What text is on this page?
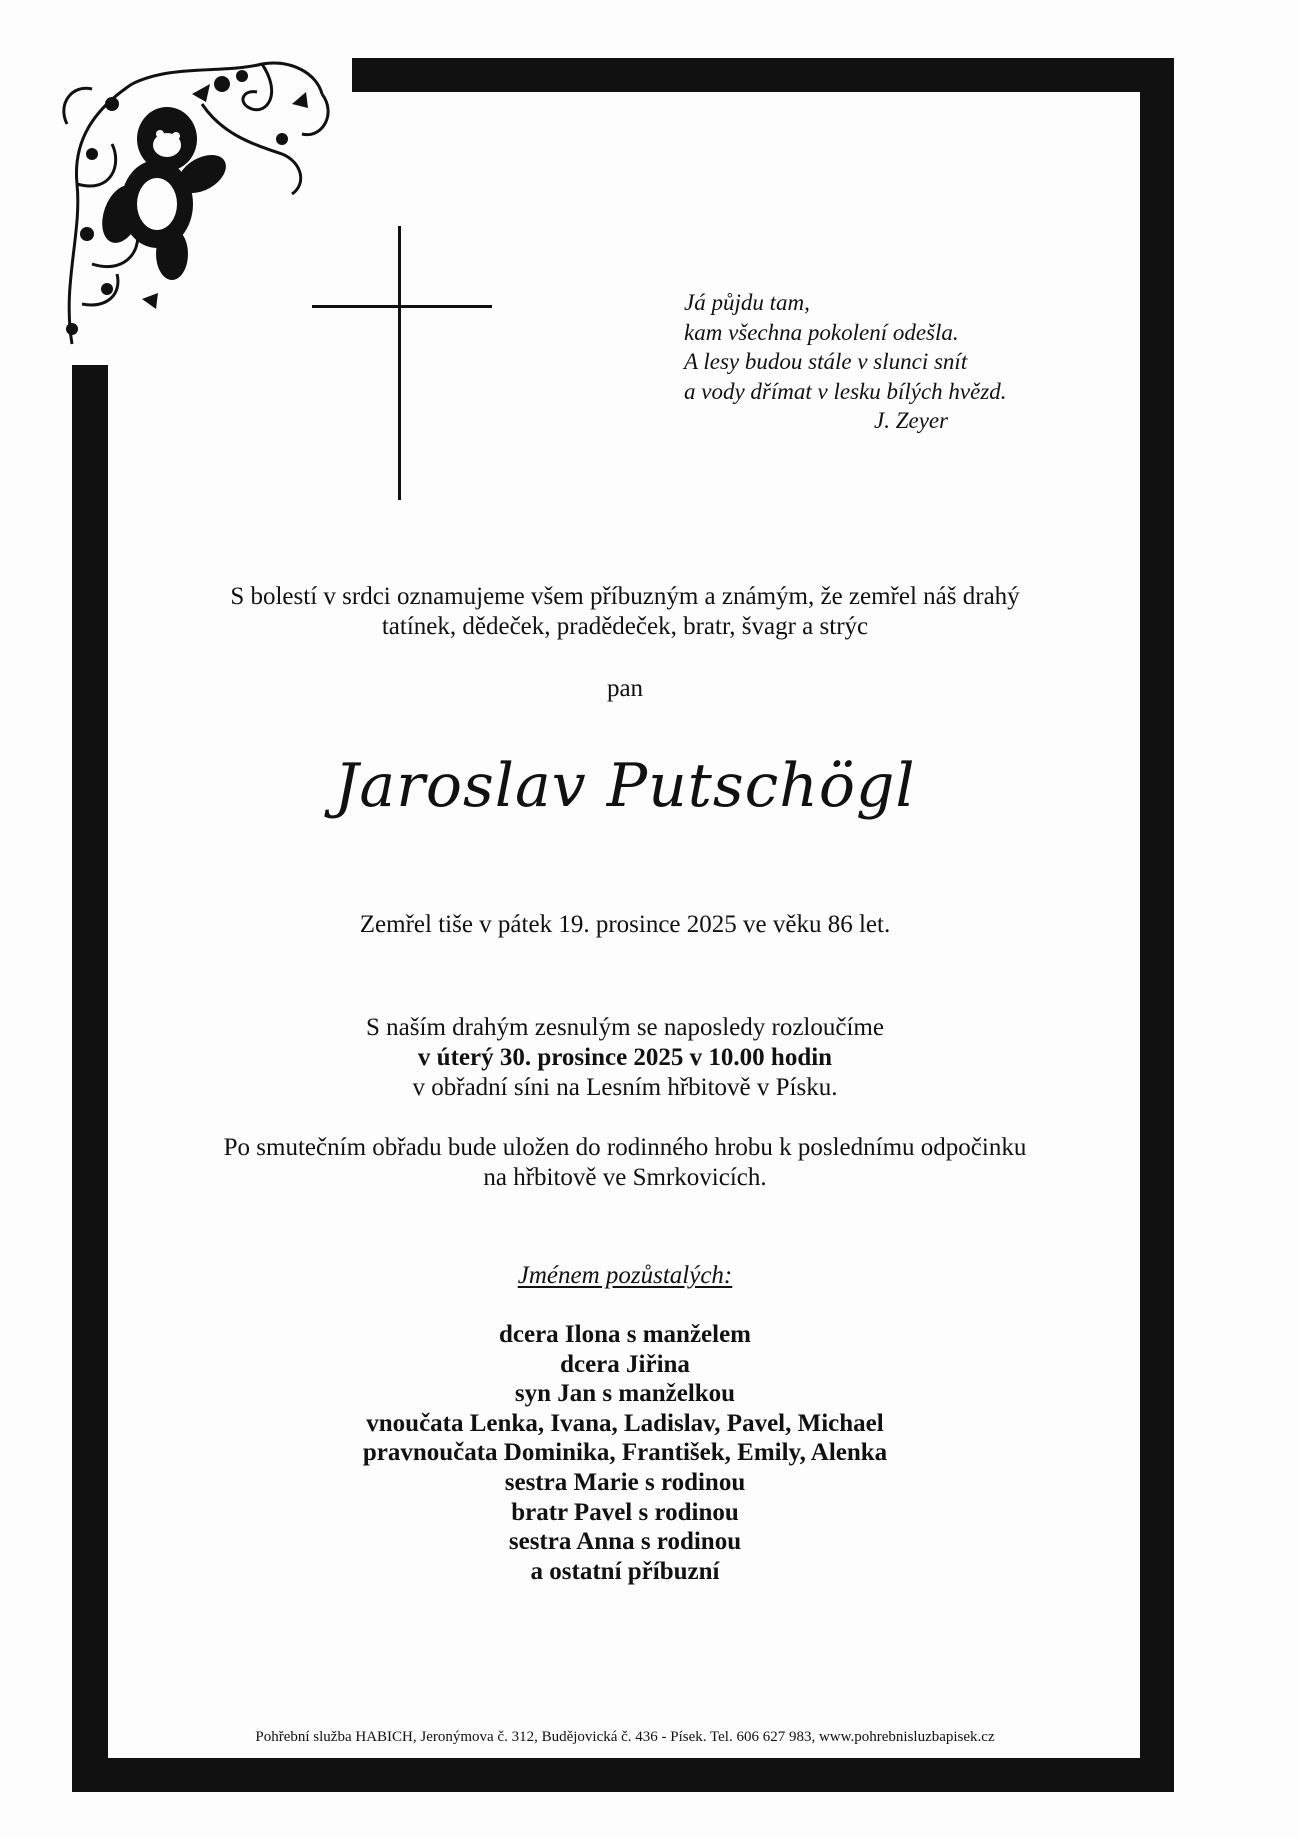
Já půjdu tam,
kam všechna pokolení odešla.
A lesy budou stále v slunci snít
a vody dřímat v lesku bílých hvězd.
J. Zeyer
S bolestí v srdci oznamujeme všem příbuzným a známým, že zemřel náš drahý
tatínek, dědeček, pradědeček, bratr, švagr a strýc
pan
Jaroslav Putschögl
Zemřel tiše v pátek 19. prosince 2025 ve věku 86 let.
S naším drahým zesnulým se naposledy rozloučíme
v úterý 30. prosince 2025 v 10.00 hodin
v obřadní síni na Lesním hřbitově v Písku.
Po smutečním obřadu bude uložen do rodinného hrobu k poslednímu odpočinku
na hřbitově ve Smrkovicích.
Jménem pozůstalých:
dcera Ilona s manželem
dcera Jiřina
syn Jan s manželkou
vnoučata Lenka, Ivana, Ladislav, Pavel, Michael
pravnoučata Dominika, František, Emily, Alenka
sestra Marie s rodinou
bratr Pavel s rodinou
sestra Anna s rodinou
a ostatní příbuzní
Pohřební služba HABICH, Jeronýmova č. 312, Budějovická č. 436 - Písek. Tel. 606 627 983, www.pohrebnisluzbapisek.cz
